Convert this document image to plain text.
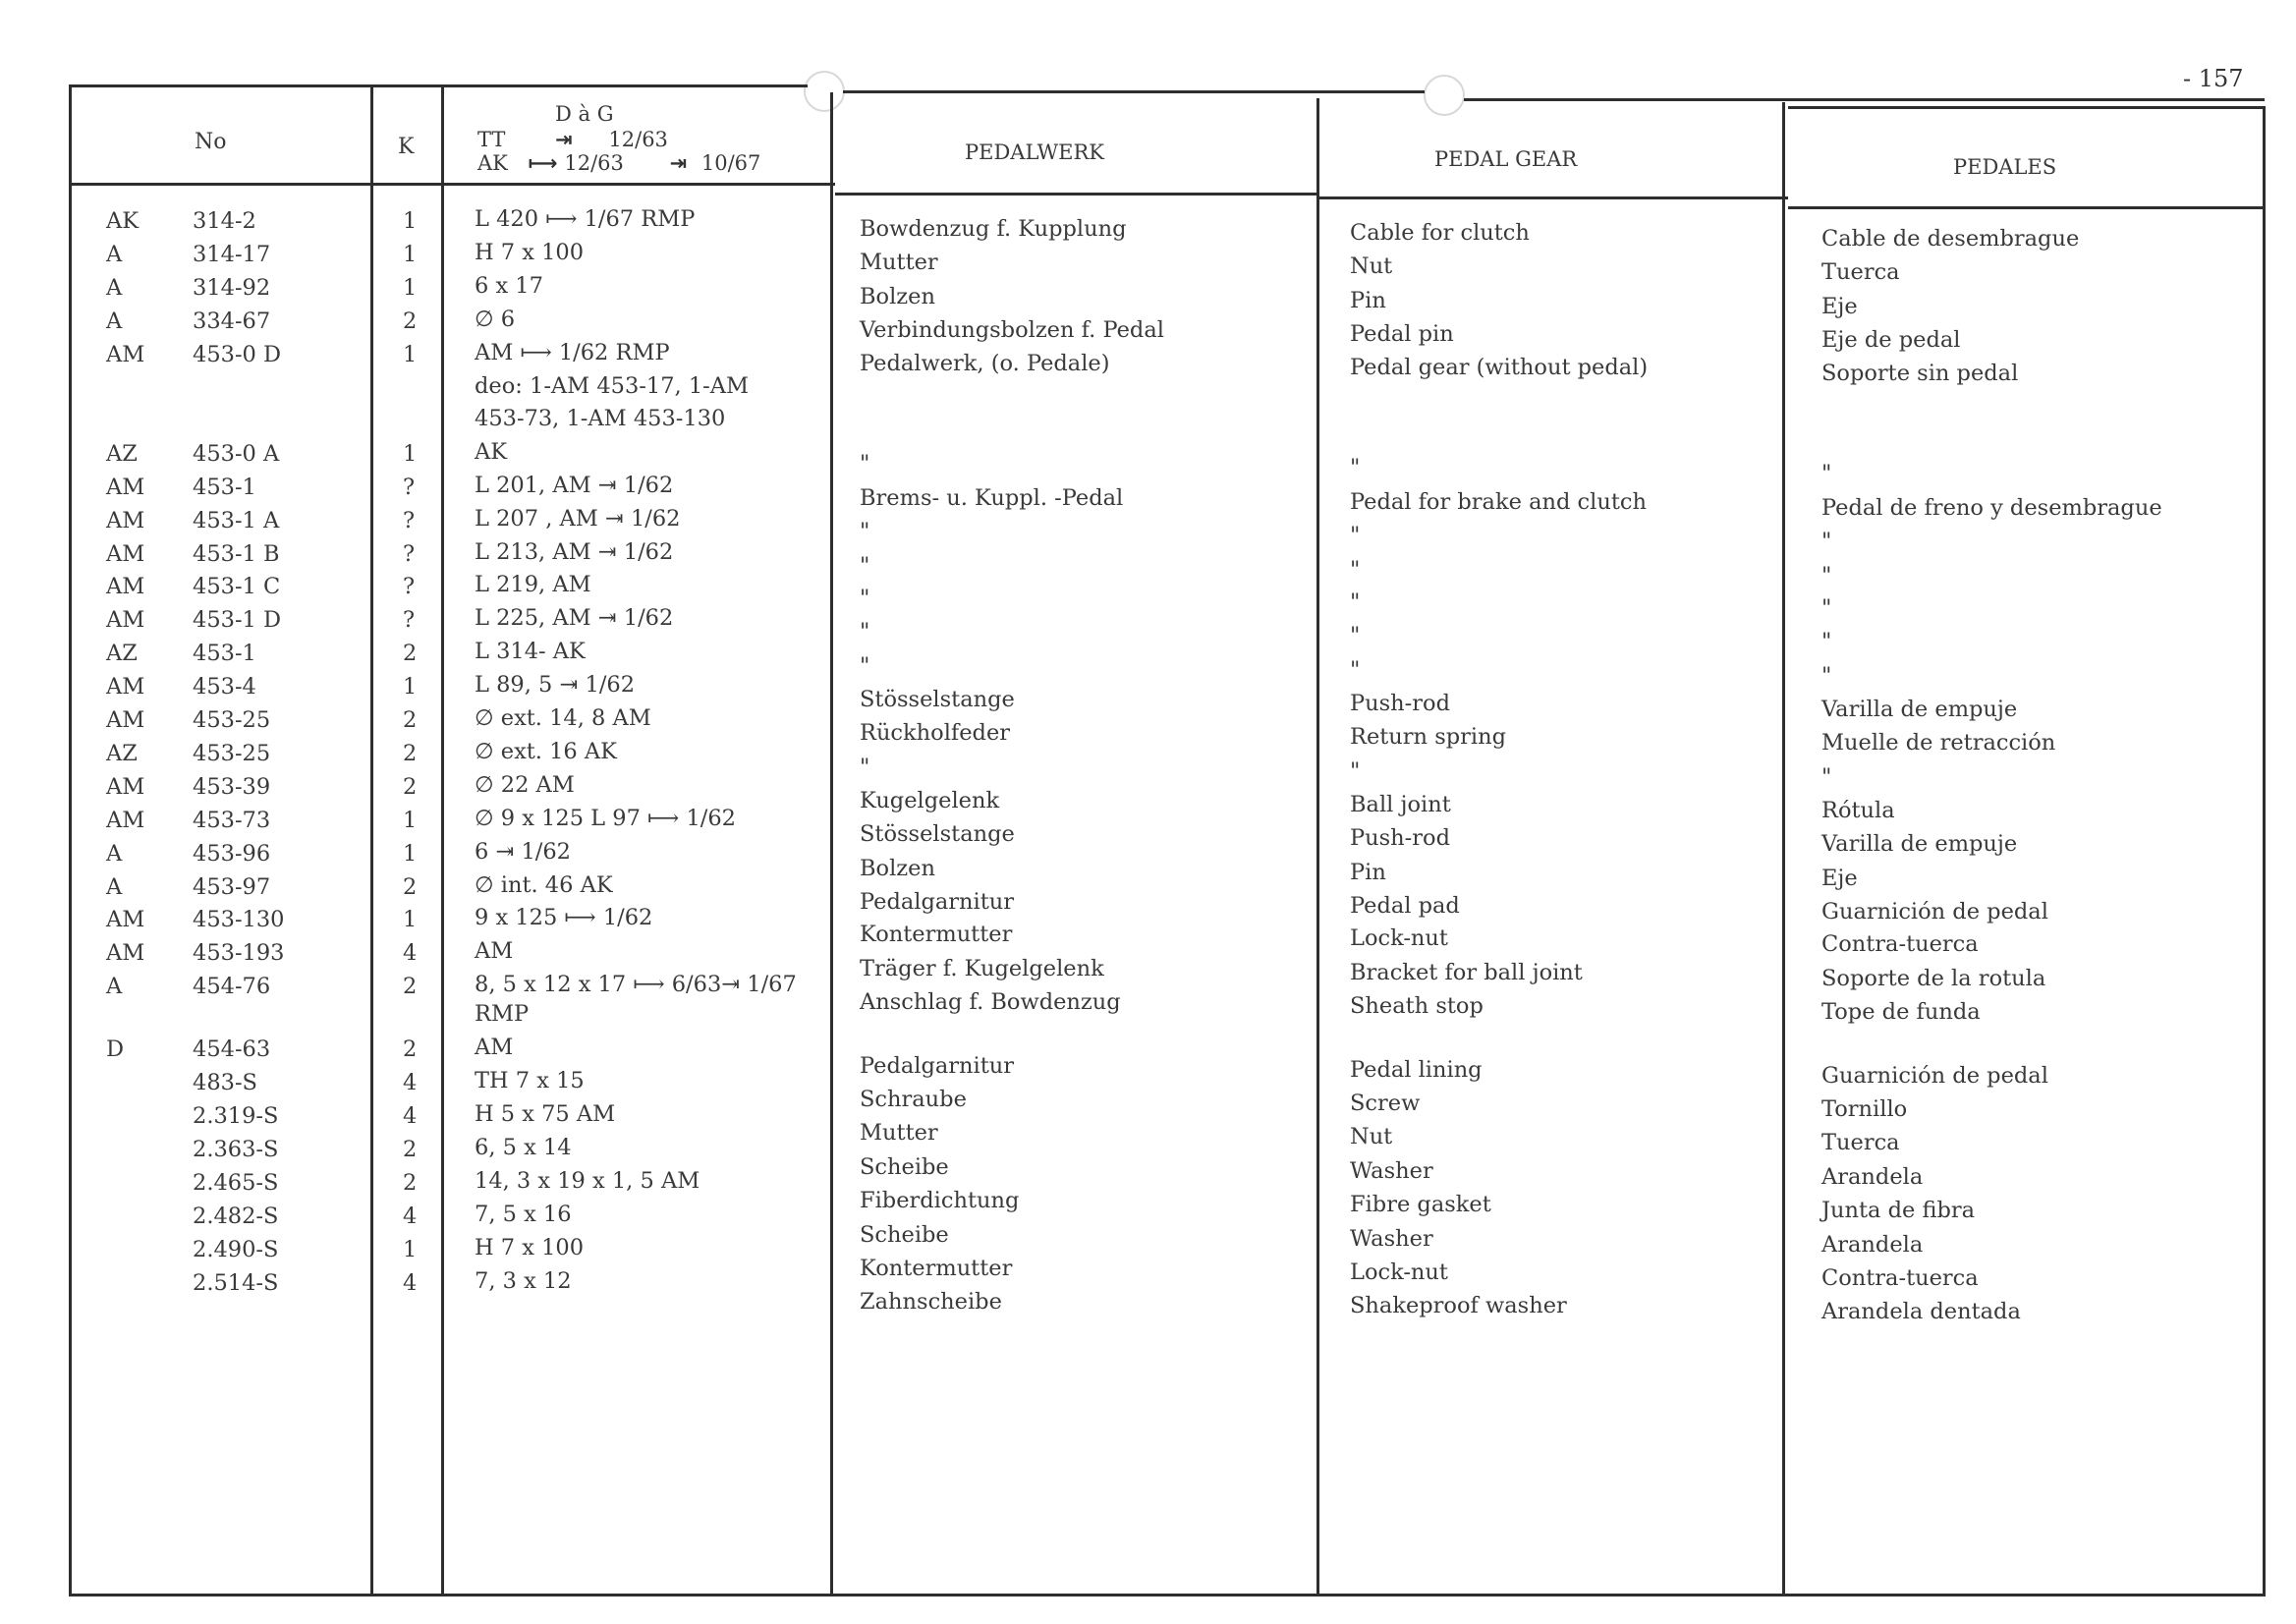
- 157
No	K
D à G
TT ⇥ 12/63
AK ⟼ 12/63 ⇥ 10/67	PEDALWERK	PEDAL GEAR	PEDALES
AK 314-2	1	L 420 ⟼ 1/67 RMP	Bowdenzug f. Kupplung	Cable for clutch	Cable de desembrague
A	314-17	1	H 7 x 100	Mutter	Nut	Tuerca
A	314-92	1	6 x 17	Bolzen	Pin	Eje
A	334-67	2	∅ 6	Verbindungsbolzen f. Pedal	Pedal pin	Eje de pedal
AM 453-0 D	1	AM ⟼ 1/62 RMP	Pedalwerk, (o. Pedale)	Pedal gear (without pedal)	Soporte sin pedal
deo: 1-AM 453-17, 1-AM
453-73, 1-AM 453-130
AZ 453-0 A	1	AK	"	"	"
AM 453-1	?	L 201, AM ⇥ 1/62	Brems- u. Kuppl. -Pedal	Pedal for brake and clutch	Pedal de freno y desembrague
AM 453-1 A	?	L 207 , AM ⇥ 1/62
"	"	"
AM 453-1 B	?	L 213, AM ⇥ 1/62
"	"	"
AM 453-1 C	?	L 219, AM
"	"	"
AM 453-1 D	?	L 225, AM ⇥ 1/62
"	"	"
AZ 453-1	2	L 314- AK
"	"	"
AM 453-4	1	L 89, 5 ⇥ 1/62
Stösselstange	Push-rod	Varilla de empuje
AM 453-25	2	∅ ext. 14, 8 AM
Rückholfeder	Return spring	Muelle de retracción
AZ 453-25	2	∅ ext. 16 AK
"	"	"
AM 453-39	2	∅ 22 AM
Kugelgelenk	Ball joint	Rótula
AM 453-73	1	∅ 9 x 125 L 97 ⟼ 1/62
Stösselstange	Push-rod	Varilla de empuje
A	453-96	1	6 ⇥ 1/62
Bolzen	Pin	Eje
A	453-97	2	∅ int. 46 AK
Pedalgarnitur	Pedal pad	Guarnición de pedal
AM 453-130	1	9 x 125 ⟼ 1/62
Kontermutter	Lock-nut	Contra-tuerca
AM 453-193	4	AM
Träger f. Kugelgelenk	Bracket for ball joint	Soporte de la rotula
A	454-76	2	8, 5 x 12 x 17 ⟼ 6/63⇥ 1/67
Anschlag f. Bowdenzug	Sheath stop	Tope de funda
RMP
D	454-63	2	AM
Pedalgarnitur	Pedal lining	Guarnición de pedal
483-S	4	TH 7 x 15
Schraube	Screw	Tornillo
2.319-S	4	H 5 x 75 AM
Mutter	Nut	Tuerca
2.363-S	2	6, 5 x 14
Scheibe	Washer	Arandela
2.465-S	2	14, 3 x 19 x 1, 5 AM
Fiberdichtung	Fibre gasket	Junta de fibra
2.482-S	4	7, 5 x 16
Scheibe	Washer	Arandela
2.490-S	1	H 7 x 100
Kontermutter	Lock-nut	Contra-tuerca
2.514-S	4	7, 3 x 12
Zahnscheibe	Shakeproof washer	Arandela dentada
